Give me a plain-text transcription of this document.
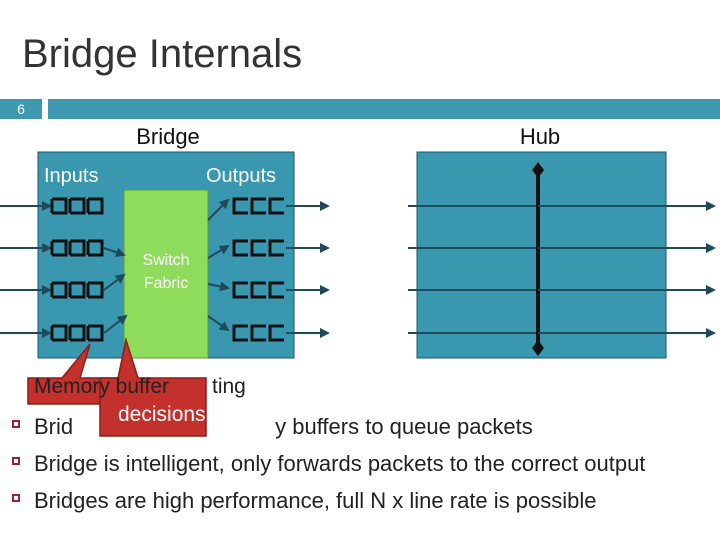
Bridge Internals
6
Bridge	Hub
Inputs	Outputs
Switch
Fabric
Memory buffer ting
decisions
Brid	y buffers to queue packets
Bridge is intelligent, only forwards packets to the correct output
Bridges are high performance, full N x line rate is possible
